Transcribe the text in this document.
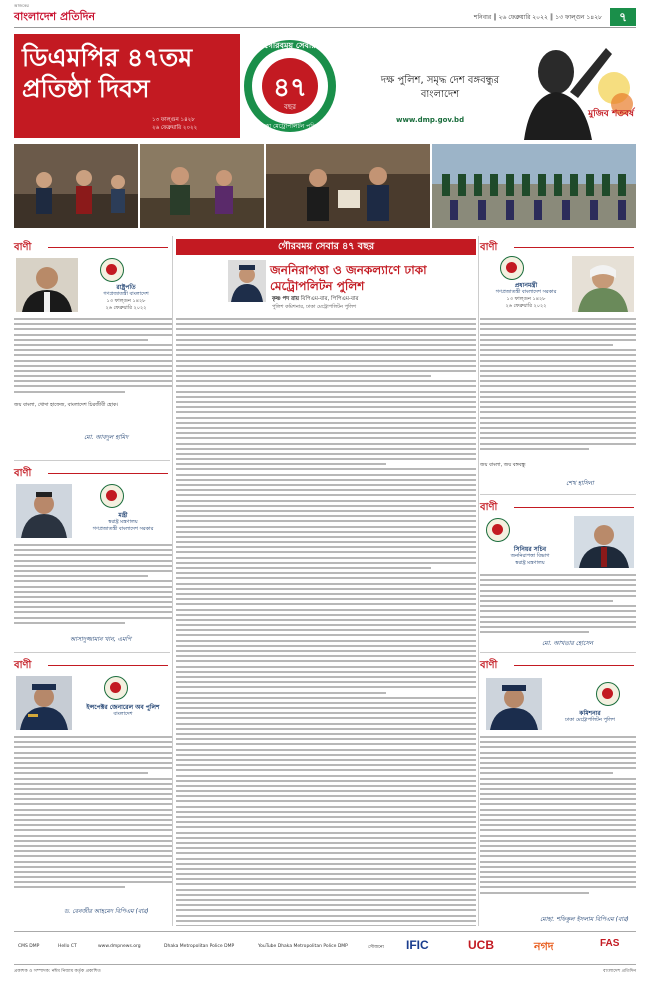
আজকের
বাংলাদেশ প্রতিদিন	শনিবার ║ ২৬ ফেব্রুয়ারি ২০২২ ║ ১৩ ফাল্গুন ১৪২৮	৭
ডিএমপির ৪৭তম প্রতিষ্ঠা দিবস
১৩ ফাল্গুন ১৪২৮
২৬ ফেব্রুয়ারি ২০২২
গৌরবময় সেবার
৪৭
বছর
ঢাকা মেট্রোপলিটন পুলিশ
দক্ষ পুলিশ, সমৃদ্ধ দেশ বঙ্গবন্ধুর বাংলাদেশ
www.dmp.gov.bd
মুজিব শতবর্ষ
গৌরবময় সেবার ৪৭ বছর
জননিরাপত্তা ও জনকল্যাণে ঢাকা মেট্রোপলিটন পুলিশ
কৃষ্ণ পদ রায় বিপিএম-বার, পিপিএম-বার
পুলিশ কমিশনার, ঢাকা মেট্রোপলিটন পুলিশ
বাণী
রাষ্ট্রপতি
গণপ্রজাতন্ত্রী বাংলাদেশ
১৩ ফাল্গুন ১৪২৮
২৬ ফেব্রুয়ারি ২০২২
জয় বাংলা, খোদা হাফেজ, বাংলাদেশ চিরজীবী হোক।
মো. আবদুল হামিদ
বাণী
প্রধানমন্ত্রী
গণপ্রজাতন্ত্রী বাংলাদেশ সরকার
১৩ ফাল্গুন ১৪২৮
২৬ ফেব্রুয়ারি ২০২২
জয় বাংলা, জয় বঙ্গবন্ধু
শেখ হাসিনা
বাণী
মন্ত্রী
স্বরাষ্ট্র মন্ত্রণালয়
গণপ্রজাতন্ত্রী বাংলাদেশ সরকার
আসাদুজ্জামান খান, এমপি
বাণী
সিনিয়র সচিব
জননিরাপত্তা বিভাগ
স্বরাষ্ট্র মন্ত্রণালয়
মো. আখতার হোসেন
বাণী
ইন্সপেক্টর জেনারেল অব পুলিশ
বাংলাদেশ
ড. বেনজীর আহমেদ বিপিএম (বার)
বাণী
কমিশনার
ঢাকা মেট্রোপলিটন পুলিশ
মোহা. শফিকুল ইসলাম বিপিএম (বার)
CMS DMP	Hello CT	www.dmpnews.org	Dhaka Metropolitan Police DMP	YouTube Dhaka Metropolitan Police DMP	সৌজন্যে IFIC	UCB	নগদ	FAS
প্রকাশক ও সম্পাদক: নঈম নিজাম কর্তৃক প্রকাশিত	বাংলাদেশ প্রতিদিন
